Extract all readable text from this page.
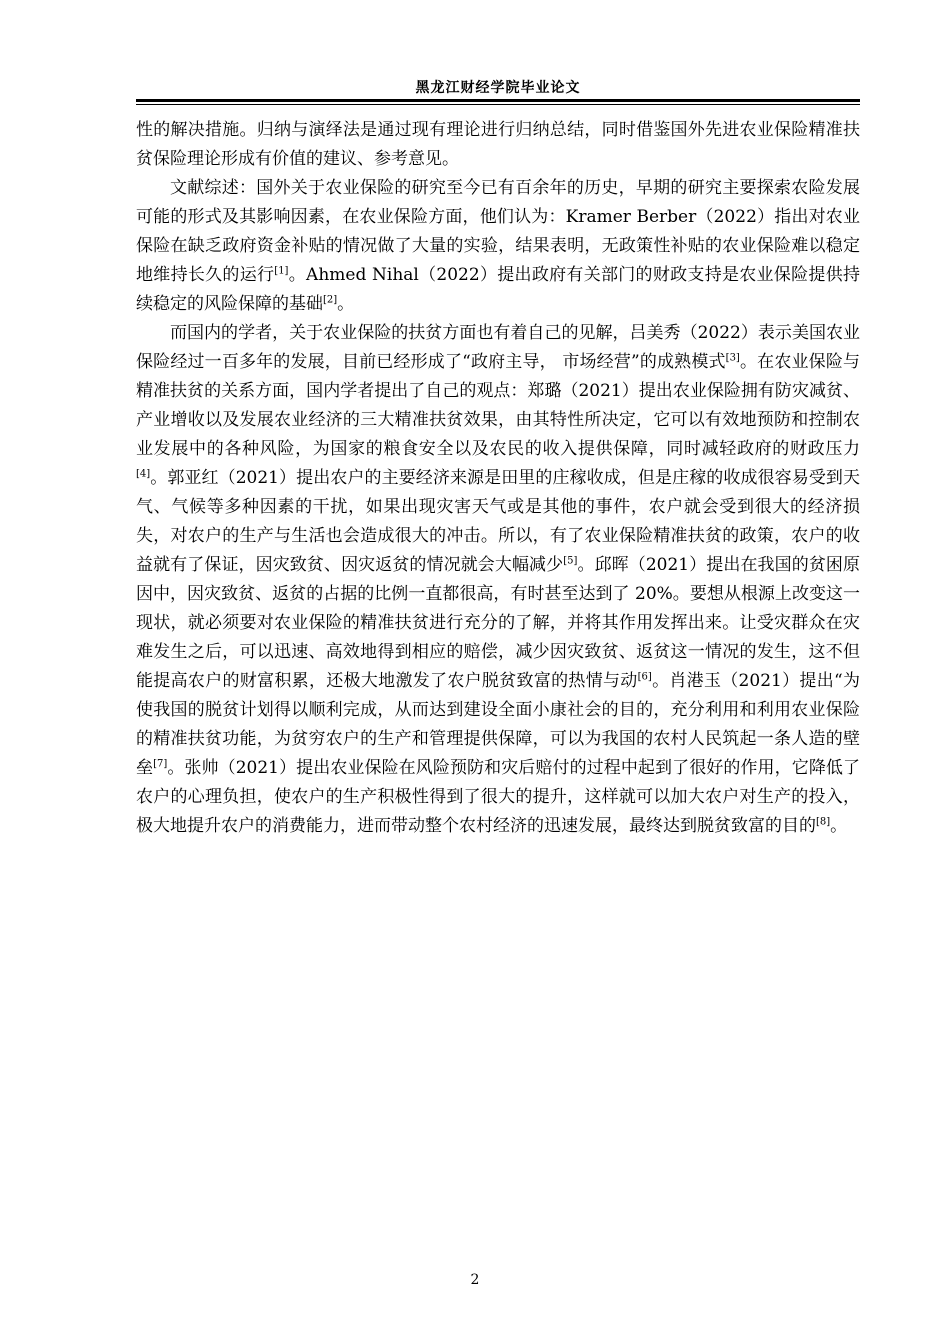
黑龙江财经学院毕业论文

性的解决措施。归纳与演绎法是通过现有理论进行归纳总结，同时借鉴国外先进农业保险精准扶贫保险理论形成有价值的建议、参考意见。

文献综述：国外关于农业保险的研究至今已有百余年的历史，早期的研究主要探索农险发展可能的形式及其影响因素，在农业保险方面，他们认为：Kramer Berber（2022）指出对农业保险在缺乏政府资金补贴的情况做了大量的实验，结果表明，无政策性补贴的农业保险难以稳定地维持长久的运行[1]。Ahmed Nihal（2022）提出政府有关部门的财政支持是农业保险提供持续稳定的风险保障的基础[2]。

而国内的学者，关于农业保险的扶贫方面也有着自己的见解，吕美秀（2022）表示美国农业保险经过一百多年的发展，目前已经形成了“政府主导， 市场经营”的成熟模式[3]。在农业保险与精准扶贫的关系方面，国内学者提出了自己的观点：郑璐（2021）提出农业保险拥有防灾减贫、产业增收以及发展农业经济的三大精准扶贫效果，由其特性所决定，它可以有效地预防和控制农业发展中的各种风险，为国家的粮食安全以及农民的收入提供保障，同时减轻政府的财政压力[4]。郭亚红（2021）提出农户的主要经济来源是田里的庄稼收成，但是庄稼的收成很容易受到天气、气候等多种因素的干扰，如果出现灾害天气或是其他的事件，农户就会受到很大的经济损失，对农户的生产与生活也会造成很大的冲击。所以，有了农业保险精准扶贫的政策，农户的收益就有了保证，因灾致贫、因灾返贫的情况就会大幅减少[5]。邱晖（2021）提出在我国的贫困原因中，因灾致贫、返贫的占据的比例一直都很高，有时甚至达到了 20%。要想从根源上改变这一现状，就必须要对农业保险的精准扶贫进行充分的了解，并将其作用发挥出来。让受灾群众在灾难发生之后，可以迅速、高效地得到相应的赔偿，减少因灾致贫、返贫这一情况的发生，这不但能提高农户的财富积累，还极大地激发了农户脱贫致富的热情与动[6]。肖港玉（2021）提出“为使我国的脱贫计划得以顺利完成，从而达到建设全面小康社会的目的，充分利用和利用农业保险的精准扶贫功能，为贫穷农户的生产和管理提供保障，可以为我国的农村人民筑起一条人造的壁垒[7]。张帅（2021）提出农业保险在风险预防和灾后赔付的过程中起到了很好的作用，它降低了农户的心理负担，使农户的生产积极性得到了很大的提升，这样就可以加大农户对生产的投入，极大地提升农户的消费能力，进而带动整个农村经济的迅速发展，最终达到脱贫致富的目的[8]。

2
